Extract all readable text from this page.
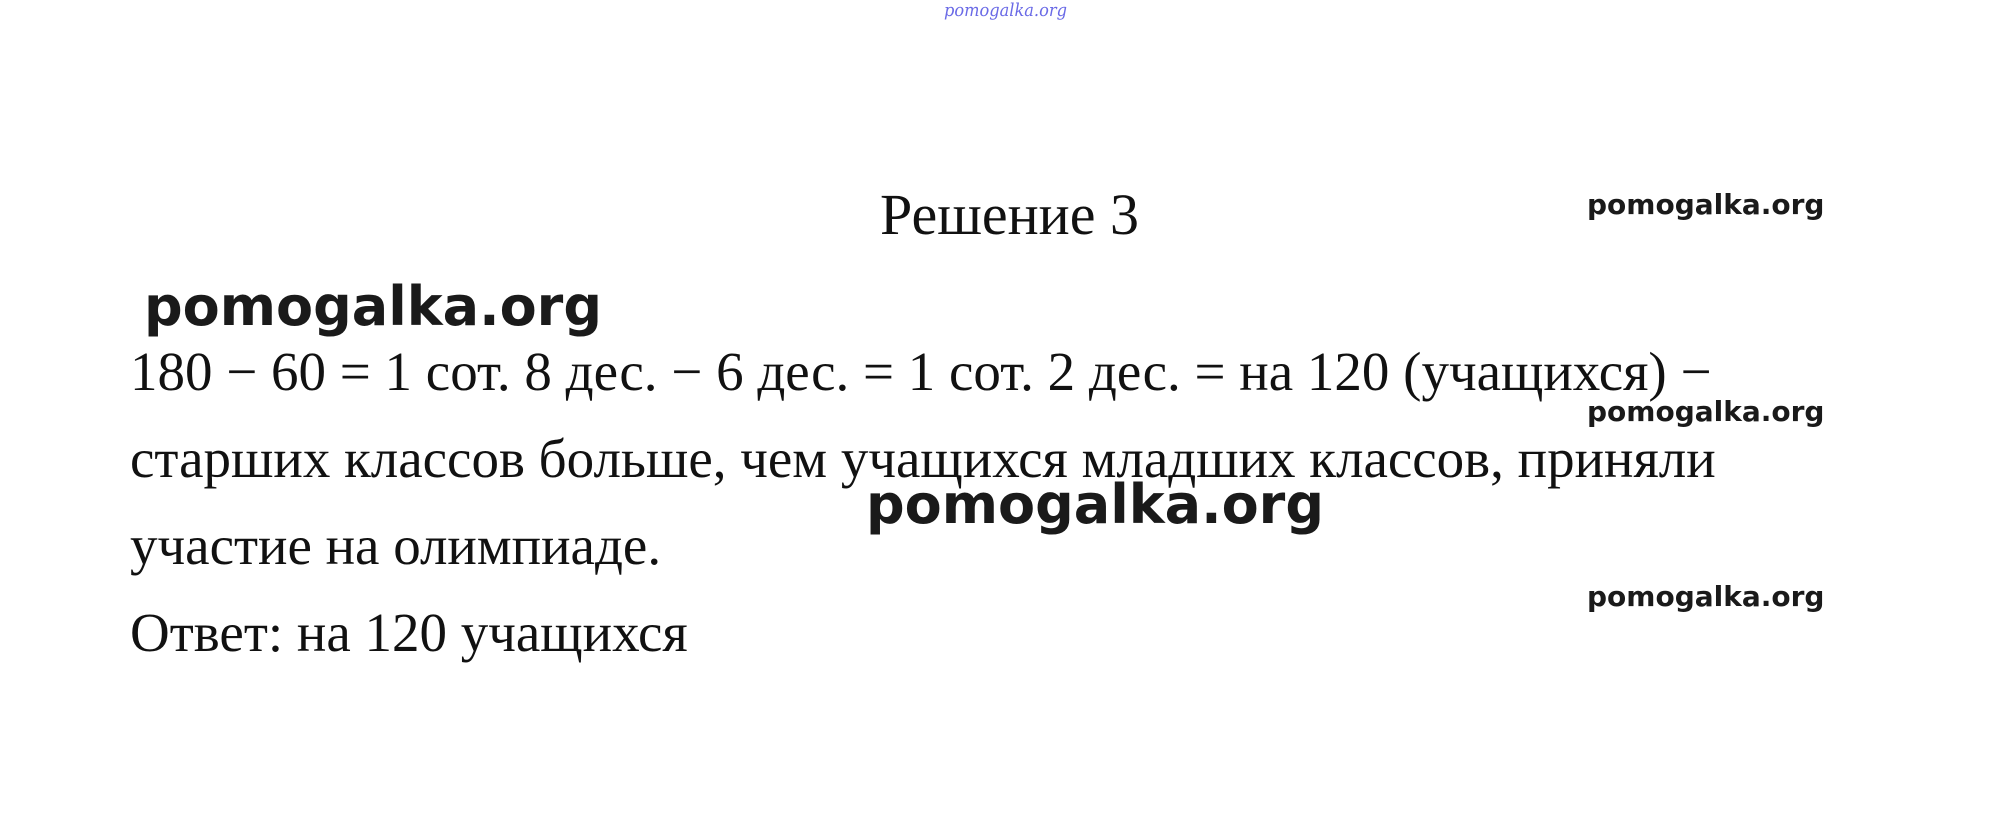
pomogalka.org
Решение 3	pomogalka.org
pomogalka.org
180 − 60 = 1 сот. 8 дес. − 6 дес. = 1 сот. 2 дес. = на 120 (учащихся) −
старших классов больше, чем учащихся младших классов, приняли
участие на олимпиаде.
Ответ: на 120 учащихся
pomogalka.org
pomogalka.org
pomogalka.org
